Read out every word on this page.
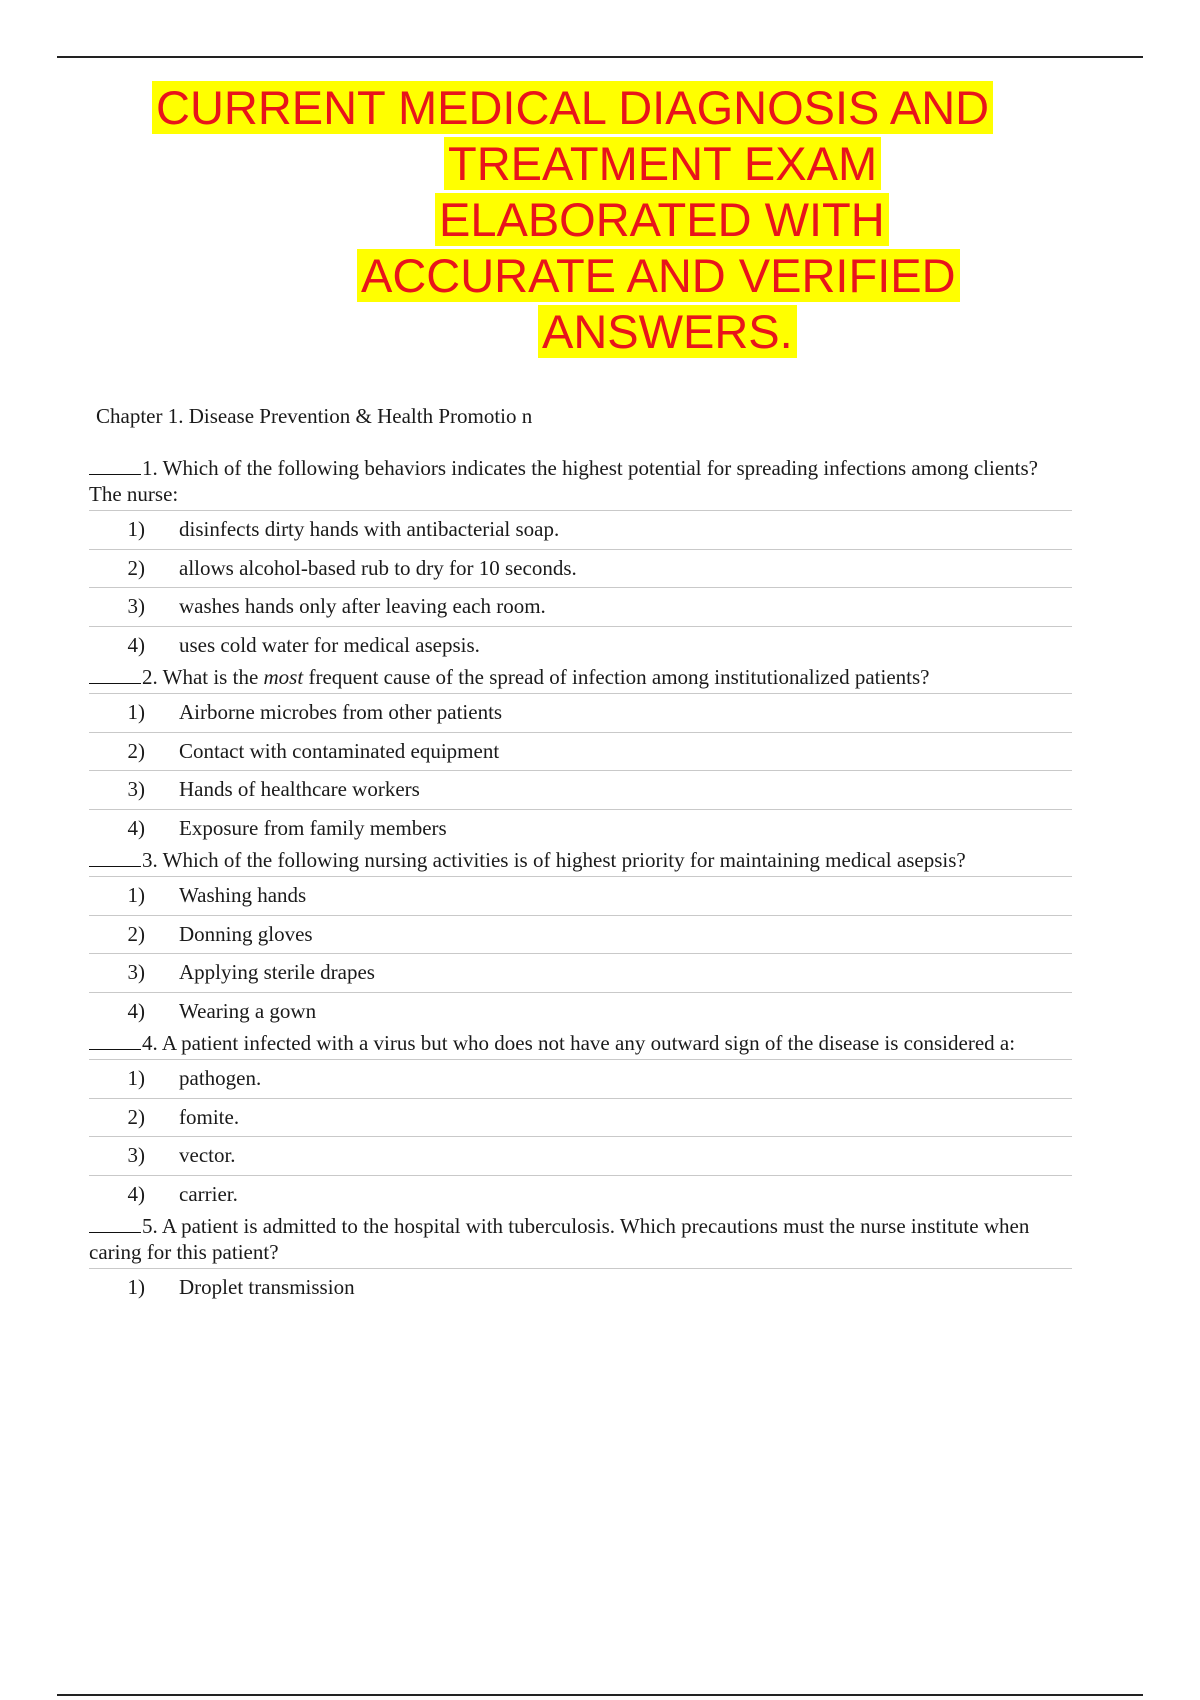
CURRENT MEDICAL DIAGNOSIS AND
TREATMENT EXAM
ELABORATED WITH
ACCURATE AND VERIFIED
ANSWERS.
Chapter 1. Disease Prevention & Health Promotio n
1. Which of the following behaviors indicates the highest potential for spreading infections among clients? The nurse:
1)	disinfects dirty hands with antibacterial soap.
2)	allows alcohol-based rub to dry for 10 seconds.
3)	washes hands only after leaving each room.
4)	uses cold water for medical asepsis.
2. What is the most frequent cause of the spread of infection among institutionalized patients?
1)	Airborne microbes from other patients
2)	Contact with contaminated equipment
3)	Hands of healthcare workers
4)	Exposure from family members
3. Which of the following nursing activities is of highest priority for maintaining medical asepsis?
1)	Washing hands
2)	Donning gloves
3)	Applying sterile drapes
4)	Wearing a gown
4. A patient infected with a virus but who does not have any outward sign of the disease is considered a:
1)	pathogen.
2)	fomite.
3)	vector.
4)	carrier.
5. A patient is admitted to the hospital with tuberculosis. Which precautions must the nurse institute when caring for this patient?
1)	Droplet transmission
